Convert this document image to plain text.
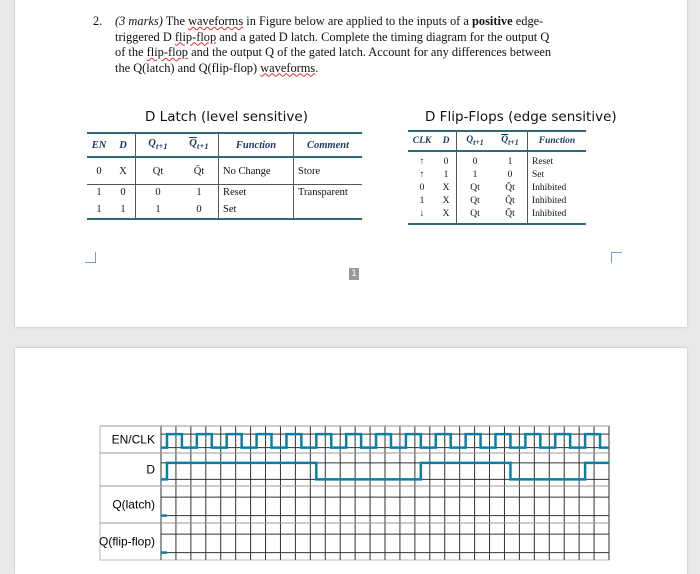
2. (3 marks) The waveforms in Figure below are applied to the inputs of a positive edge-
triggered D flip-flop and a gated D latch. Complete the timing diagram for the output Q
of the flip-flop and the output Q of the gated latch. Account for any differences between
the Q(latch) and Q(flip-flop) waveforms.
D Latch (level sensitive)	D Flip-Flops (edge sensitive)
EN	D	$Q_{t+1}$	$\overline{Q}_{t+1}$	Function	Comment
0	X	Qt	Q̄t	No Change	Store
1	0	0	1	Reset	Transparent
1	1	1	0	Set	
CLK	D	$Q_{t+1}$	$\overline{Q}_{t+1}$	Function
↑	0	0	1	Reset
↑	1	1	0	Set
0	X	Qt	Q̄t	Inhibited
1	X	Qt	Q̄t	Inhibited
↓	X	Qt	Q̄t	Inhibited
1
EN/CLK
D
Q(latch)
Q(flip-flop)
